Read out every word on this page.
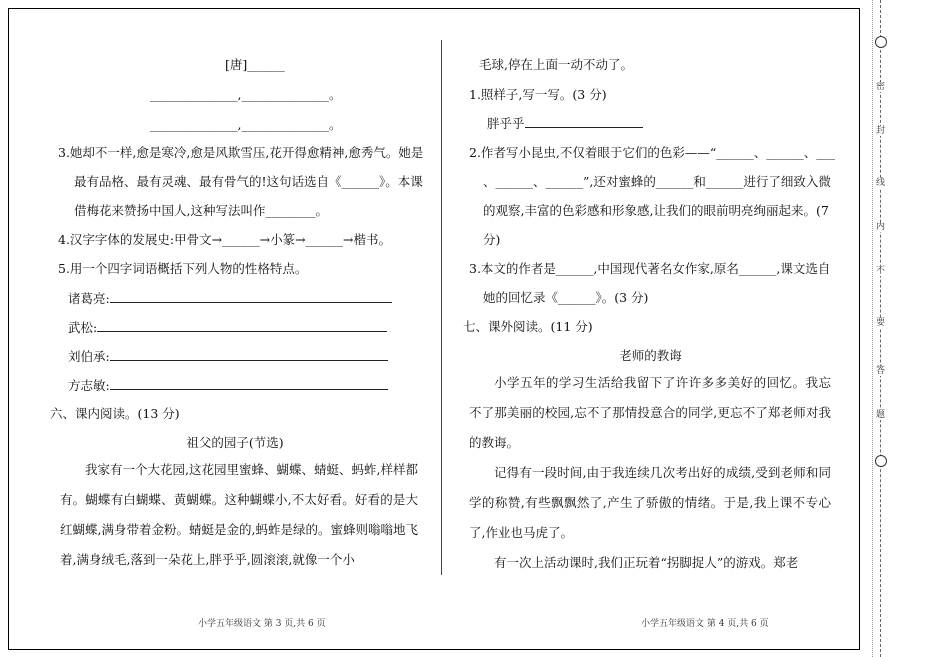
[唐]______
______________,______________。
______________,______________。
3.她却不一样,愈是寒冷,愈是风欺雪压,花开得愈精神,愈秀气。她是
最有品格、最有灵魂、最有骨气的!这句话选自《______》。本课
借梅花来赞扬中国人,这种写法叫作________。
4.汉字字体的发展史:甲骨文→______→小篆→______→楷书。
5.用一个四字词语概括下列人物的性格特点。
诸葛亮:
武松:
刘伯承:
方志敏:
六、课内阅读。(13 分)
祖父的园子(节选)

我家有一个大花园,这花园里蜜蜂、蝴蝶、蜻蜓、蚂蚱,样样都有。蝴蝶有白蝴蝶、黄蝴蝶。这种蝴蝶小,不太好看。好看的是大红蝴蝶,满身带着金粉。蜻蜓是金的,蚂蚱是绿的。蜜蜂则嗡嗡地飞着,满身绒毛,落到一朵花上,胖乎乎,圆滚滚,就像一个小

毛球,停在上面一动不动了。
1.照样子,写一写。(3 分)
胖乎乎
2.作者写小昆虫,不仅着眼于它们的色彩——“______、______、___
、______、______”,还对蜜蜂的______和______进行了细致入微
的观察,丰富的色彩感和形象感,让我们的眼前明亮绚丽起来。(7
分)
3.本文的作者是______,中国现代著名女作家,原名______,课文选自
她的回忆录《______》。(3 分)
七、课外阅读。(11 分)
老师的教诲

小学五年的学习生活给我留下了许许多多美好的回忆。我忘不了那美丽的校园,忘不了那情投意合的同学,更忘不了郑老师对我的教诲。

记得有一段时间,由于我连续几次考出好的成绩,受到老师和同学的称赞,有些飘飘然了,产生了骄傲的情绪。于是,我上课不专心了,作业也马虎了。

有一次上活动课时,我们正玩着“拐脚捉人”的游戏。郑老

小学五年级语文 第 3 页,共 6 页	小学五年级语文 第 4 页,共 6 页
密
封
线
内
不
要
答
题
